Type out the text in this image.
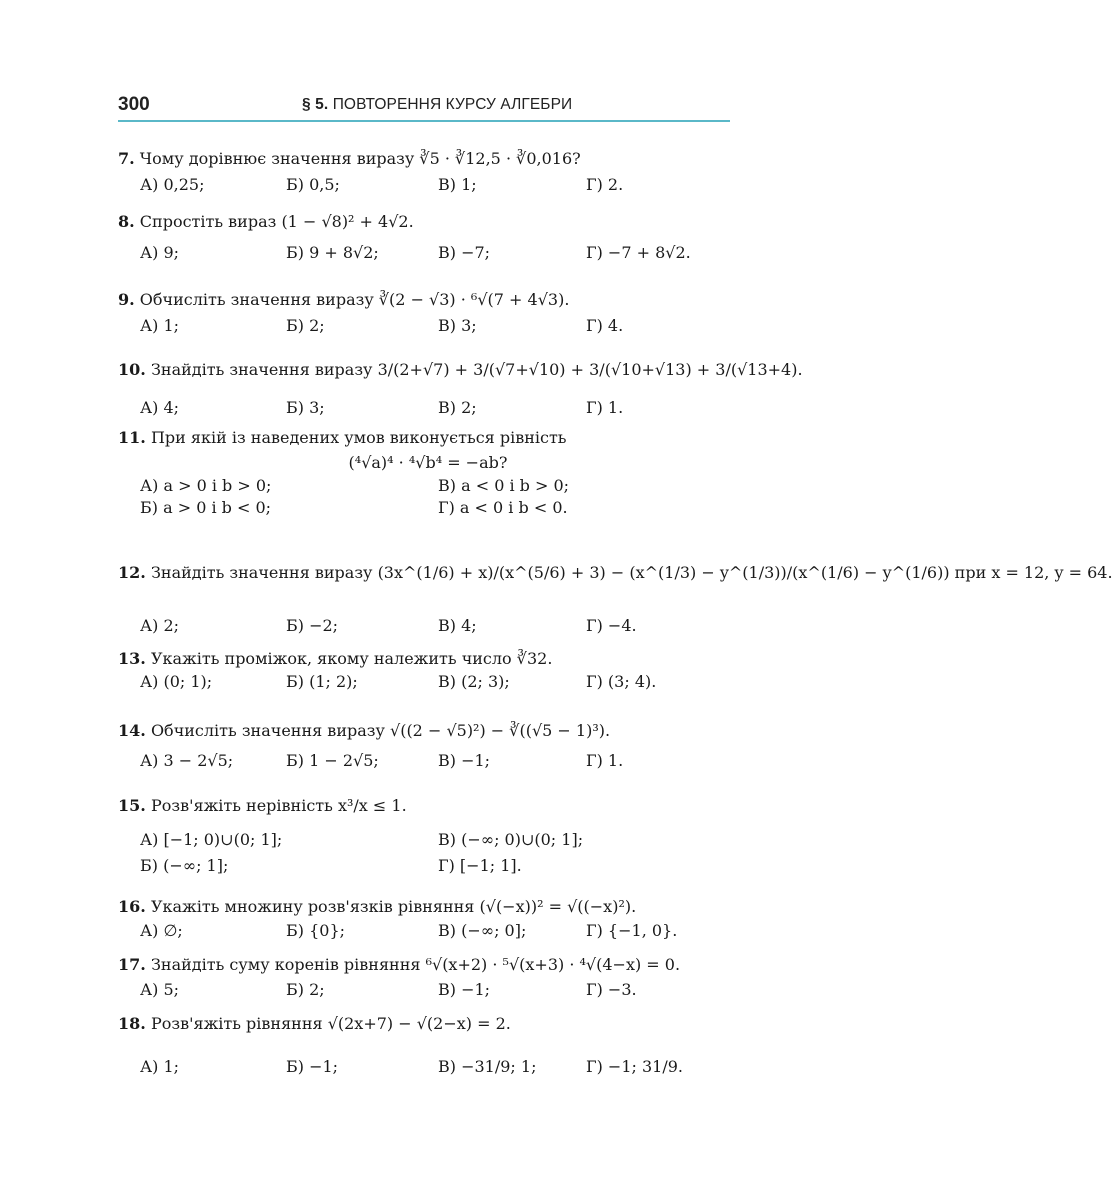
300	§ 5. ПОВТОРЕННЯ КУРСУ АЛГЕБРИ
7. Чому дорівнює значення виразу ∛5 · ∛12,5 · ∛0,016?
А) 0,25;	Б) 0,5;	В) 1;	Г) 2.
8. Спростіть вираз (1 − √8)² + 4√2.
А) 9;	Б) 9 + 8√2;	В) −7;	Г) −7 + 8√2.
9. Обчисліть значення виразу ∛(2 − √3) · ⁶√(7 + 4√3).
А) 1;	Б) 2;	В) 3;	Г) 4.
10. Знайдіть значення виразу 3/(2+√7) + 3/(√7+√10) + 3/(√10+√13) + 3/(√13+4).
А) 4;	Б) 3;	В) 2;	Г) 1.
11. При якій із наведених умов виконується рівність
(⁴√a)⁴ · ⁴√b⁴ = −ab?
А) a > 0 і b > 0;	В) a < 0 і b > 0;
Б) a > 0 і b < 0;	Г) a < 0 і b < 0.
12. Знайдіть значення виразу (3x^(1/6) + x)/(x^(5/6) + 3) − (x^(1/3) − y^(1/3))/(x^(1/6) − y^(1/6)) при x = 12, y = 64.
А) 2;	Б) −2;	В) 4;	Г) −4.
13. Укажіть проміжок, якому належить число ∛32.
А) (0; 1);	Б) (1; 2);	В) (2; 3);	Г) (3; 4).
14. Обчисліть значення виразу √((2 − √5)²) − ∛((√5 − 1)³).
А) 3 − 2√5;	Б) 1 − 2√5;	В) −1;	Г) 1.
15. Розв'яжіть нерівність x³/x ≤ 1.
А) [−1; 0)∪(0; 1];	В) (−∞; 0)∪(0; 1];
Б) (−∞; 1];	Г) [−1; 1].
16. Укажіть множину розв'язків рівняння (√(−x))² = √((−x)²).
А) ∅;	Б) {0};	В) (−∞; 0];	Г) {−1, 0}.
17. Знайдіть суму коренів рівняння ⁶√(x+2) · ⁵√(x+3) · ⁴√(4−x) = 0.
А) 5;	Б) 2;	В) −1;	Г) −3.
18. Розв'яжіть рівняння √(2x+7) − √(2−x) = 2.
А) 1;	Б) −1;	В) −31/9; 1;	Г) −1; 31/9.
